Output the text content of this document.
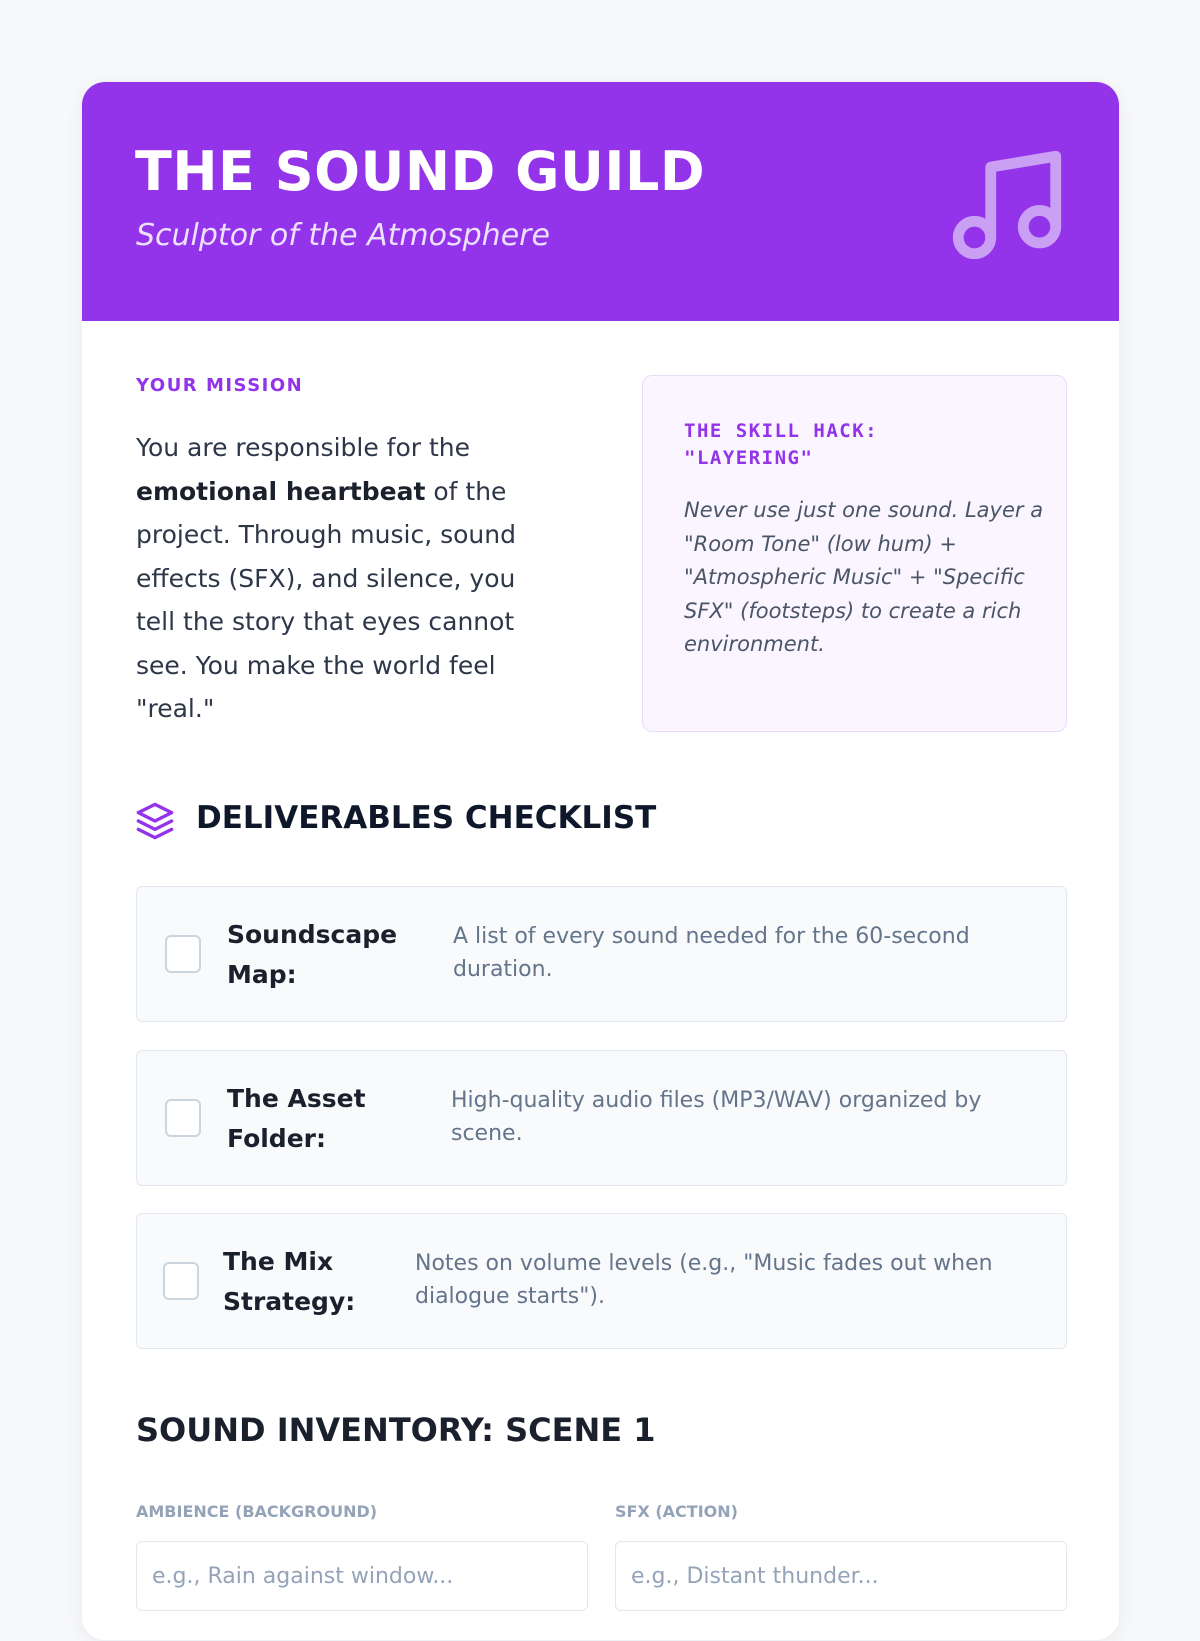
THE SOUND GUILD
Sculptor of the Atmosphere
YOUR MISSION

You are responsible for the emotional heartbeat of the project. Through music, sound effects (SFX), and silence, you tell the story that eyes cannot see. You make the world feel "real."

THE SKILL HACK: "LAYERING"

Never use just one sound. Layer a "Room Tone" (low hum) + "Atmospheric Music" + "Specific SFX" (footsteps) to create a rich environment.

DELIVERABLES CHECKLIST
Soundscape Map:
A list of every sound needed for the 60-second duration.
The Asset Folder:
High-quality audio files (MP3/WAV) organized by scene.
The Mix Strategy:
Notes on volume levels (e.g., "Music fades out when dialogue starts").
SOUND INVENTORY: SCENE 1
AMBIENCE (BACKGROUND)
e.g., Rain against window...	SFX (ACTION)
e.g., Distant thunder...
